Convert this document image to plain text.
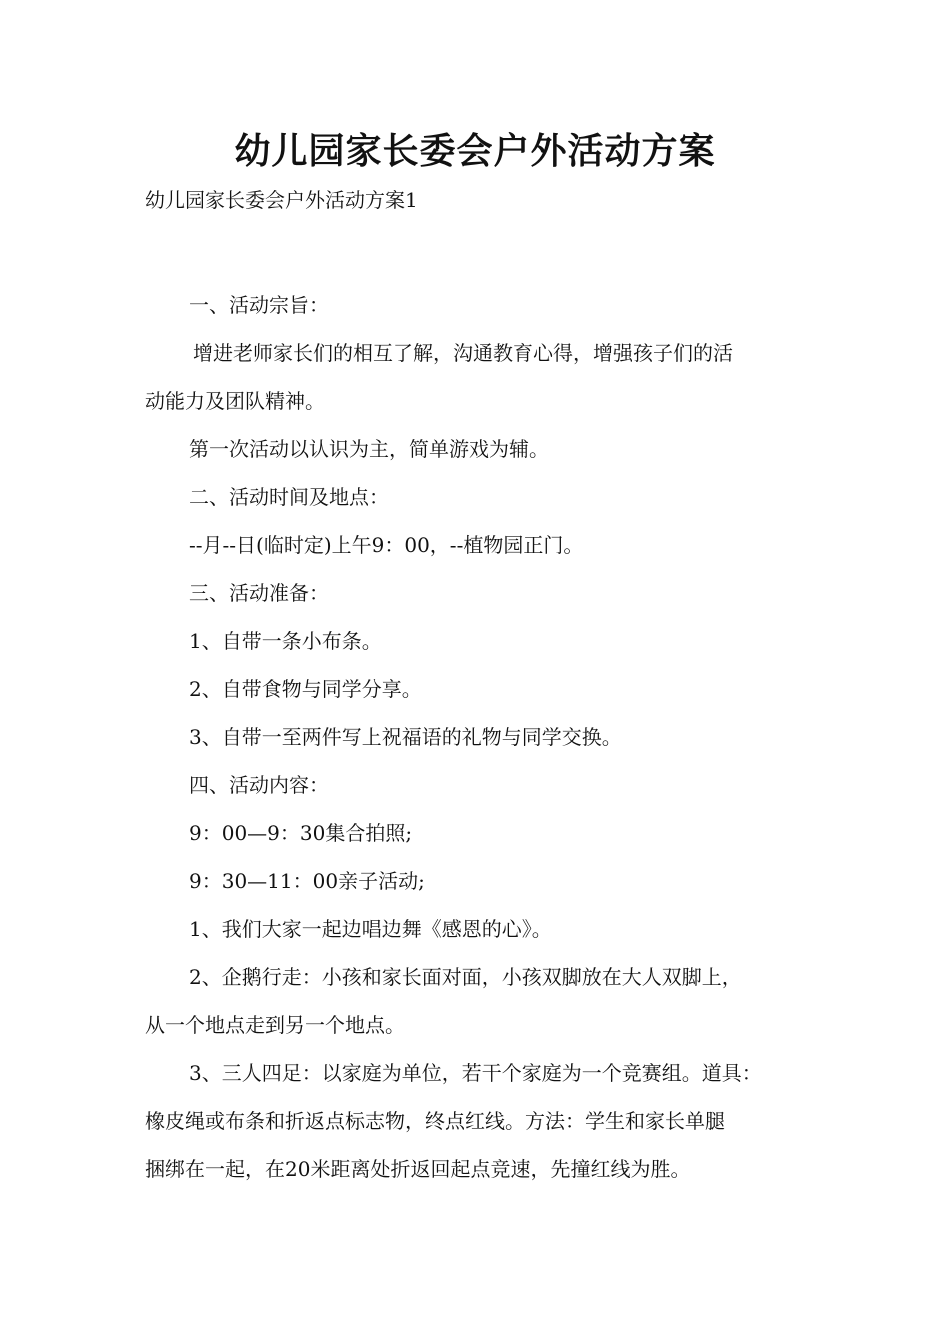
幼儿园家长委会户外活动方案
幼儿园家长委会户外活动方案1

一、活动宗旨：

增进老师家长们的相互了解，沟通教育心得，增强孩子们的活

动能力及团队精神。

第一次活动以认识为主，简单游戏为辅。

二、活动时间及地点：

--月--日(临时定)上午9：00，--植物园正门。

三、活动准备：

1、自带一条小布条。

2、自带食物与同学分享。

3、自带一至两件写上祝福语的礼物与同学交换。

四、活动内容：

9：00—9：30集合拍照;

9：30—11：00亲子活动;

1、我们大家一起边唱边舞《感恩的心》。

2、企鹅行走：小孩和家长面对面，小孩双脚放在大人双脚上，

从一个地点走到另一个地点。

3、三人四足：以家庭为单位，若干个家庭为一个竞赛组。道具：

橡皮绳或布条和折返点标志物，终点红线。方法：学生和家长单腿

捆绑在一起，在20米距离处折返回起点竞速，先撞红线为胜。
